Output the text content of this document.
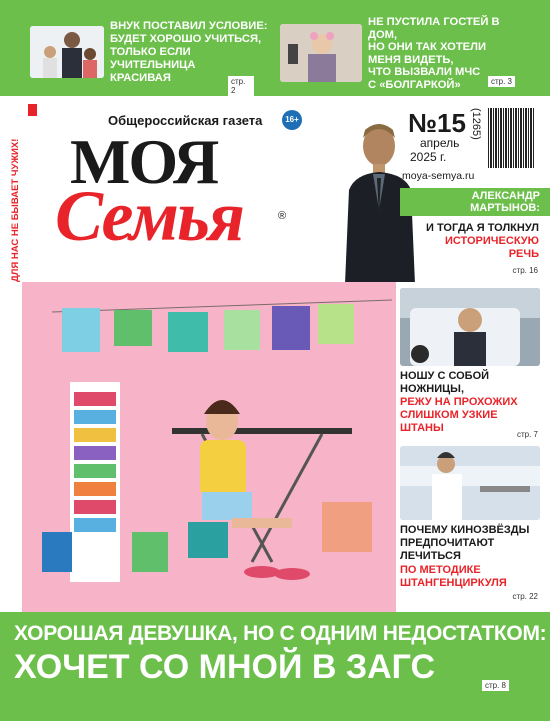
ВНУК ПОСТАВИЛ УСЛОВИЕ:
БУДЕТ ХОРОШО УЧИТЬСЯ,
ТОЛЬКО ЕСЛИ УЧИТЕЛЬНИЦА
КРАСИВАЯ	стр. 2
НЕ ПУСТИЛА ГОСТЕЙ В ДОМ,
НО ОНИ ТАК ХОТЕЛИ
МЕНЯ ВИДЕТЬ,
ЧТО ВЫЗВАЛИ МЧС
С «БОЛГАРКОЙ»	стр. 3
ДЛЯ НАС НЕ БЫВАЕТ ЧУЖИХ!
Общероссийская газета	16+
МОЯ
Семья	®
№15 (1265)
апрель
2025 г.
moya-semya.ru
АЛЕКСАНДР
МАРТЫНОВ:
И ТОГДА Я ТОЛКНУЛ
ИСТОРИЧЕСКУЮ
РЕЧЬ
стр. 16
НОШУ С СОБОЙ
НОЖНИЦЫ,
РЕЖУ НА ПРОХОЖИХ
СЛИШКОМ УЗКИЕ
ШТАНЫ
стр. 7
ПОЧЕМУ КИНОЗВЁЗДЫ
ПРЕДПОЧИТАЮТ
ЛЕЧИТЬСЯ
ПО МЕТОДИКЕ
ШТАНГЕНЦИРКУЛЯ
стр. 22
ХОРОШАЯ ДЕВУШКА, НО С ОДНИМ НЕДОСТАТКОМ:
ХОЧЕТ СО МНОЙ В ЗАГС	стр. 8
